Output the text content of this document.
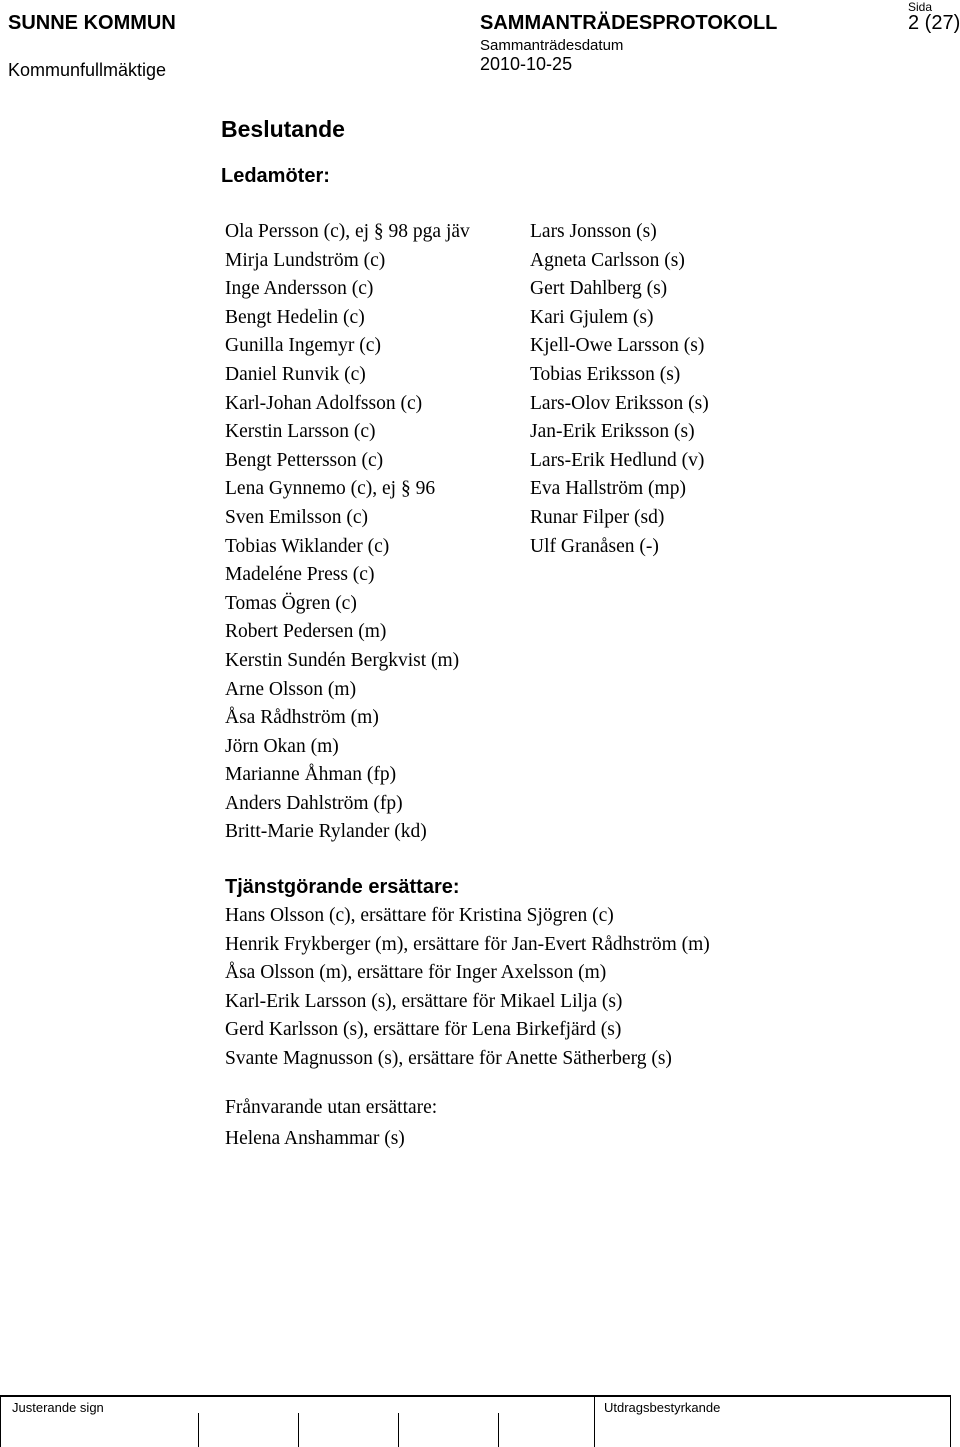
SUNNE KOMMUN
Kommunfullmäktige
SAMMANTRÄDESPROTOKOLL
Sammanträdesdatum
2010-10-25
Sida
2 (27)
Beslutande
Ledamöter:
Ola Persson (c), ej § 98 pga jäv
Mirja Lundström (c)
Inge Andersson (c)
Bengt Hedelin (c)
Gunilla Ingemyr (c)
Daniel Runvik (c)
Karl-Johan Adolfsson (c)
Kerstin Larsson (c)
Bengt Pettersson (c)
Lena Gynnemo (c), ej § 96
Sven Emilsson (c)
Tobias Wiklander (c)
Madeléne Press (c)
Tomas Ögren (c)
Robert Pedersen (m)
Kerstin Sundén Bergkvist (m)
Arne Olsson (m)
Åsa Rådhström (m)
Jörn Okan (m)
Marianne Åhman (fp)
Anders Dahlström (fp)
Britt-Marie Rylander (kd)
Lars Jonsson (s)
Agneta Carlsson (s)
Gert Dahlberg (s)
Kari Gjulem (s)
Kjell-Owe Larsson (s)
Tobias Eriksson (s)
Lars-Olov Eriksson (s)
Jan-Erik Eriksson (s)
Lars-Erik Hedlund (v)
Eva Hallström (mp)
Runar Filper (sd)
Ulf Granåsen (-)
Tjänstgörande ersättare:
Hans Olsson (c), ersättare för Kristina Sjögren (c)
Henrik Frykberger (m), ersättare för Jan-Evert Rådhström (m)
Åsa Olsson (m), ersättare för Inger Axelsson (m)
Karl-Erik Larsson (s), ersättare för Mikael Lilja (s)
Gerd Karlsson (s), ersättare för Lena Birkefjärd (s)
Svante Magnusson (s), ersättare för Anette Sätherberg (s)
Frånvarande utan ersättare:
Helena Anshammar (s)
Justerande sign	Utdragsbestyrkande
